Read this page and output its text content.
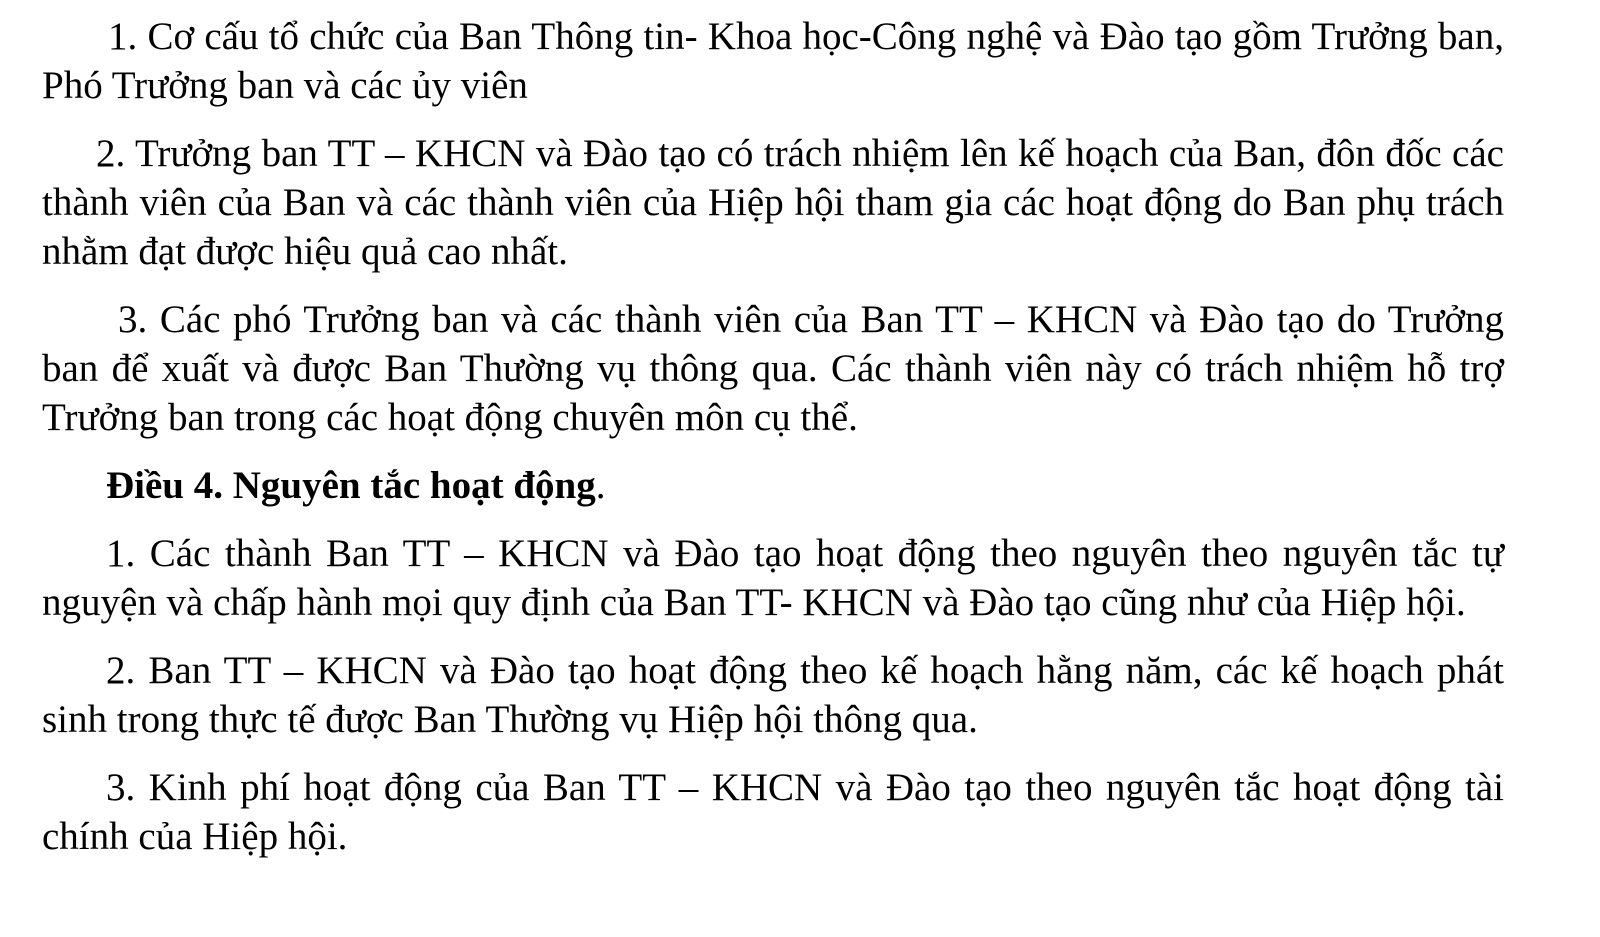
1. Cơ cấu tổ chức của Ban Thông tin- Khoa học-Công nghệ và Đào tạo gồm Trưởng ban, Phó Trưởng ban và các ủy viên

2. Trưởng ban TT – KHCN và Đào tạo có trách nhiệm lên kế hoạch của Ban, đôn đốc các thành viên của Ban và các thành viên của Hiệp hội tham gia các hoạt động do Ban phụ trách nhằm đạt được hiệu quả cao nhất.

3. Các phó Trưởng ban và các thành viên của Ban TT – KHCN và Đào tạo do Trưởng ban để xuất và được Ban Thường vụ thông qua. Các thành viên này có trách nhiệm hỗ trợ Trưởng ban trong các hoạt động chuyên môn cụ thể.

Điều 4. Nguyên tắc hoạt động.

1. Các thành Ban TT – KHCN và Đào tạo hoạt động theo nguyên theo nguyên tắc tự nguyện và chấp hành mọi quy định của Ban TT- KHCN và Đào tạo cũng như của Hiệp hội.

2. Ban TT – KHCN và Đào tạo hoạt động theo kế hoạch hằng năm, các kế hoạch phát sinh trong thực tế được Ban Thường vụ Hiệp hội thông qua.

3. Kinh phí hoạt động của Ban TT – KHCN và Đào tạo theo nguyên tắc hoạt động tài chính của Hiệp hội.
